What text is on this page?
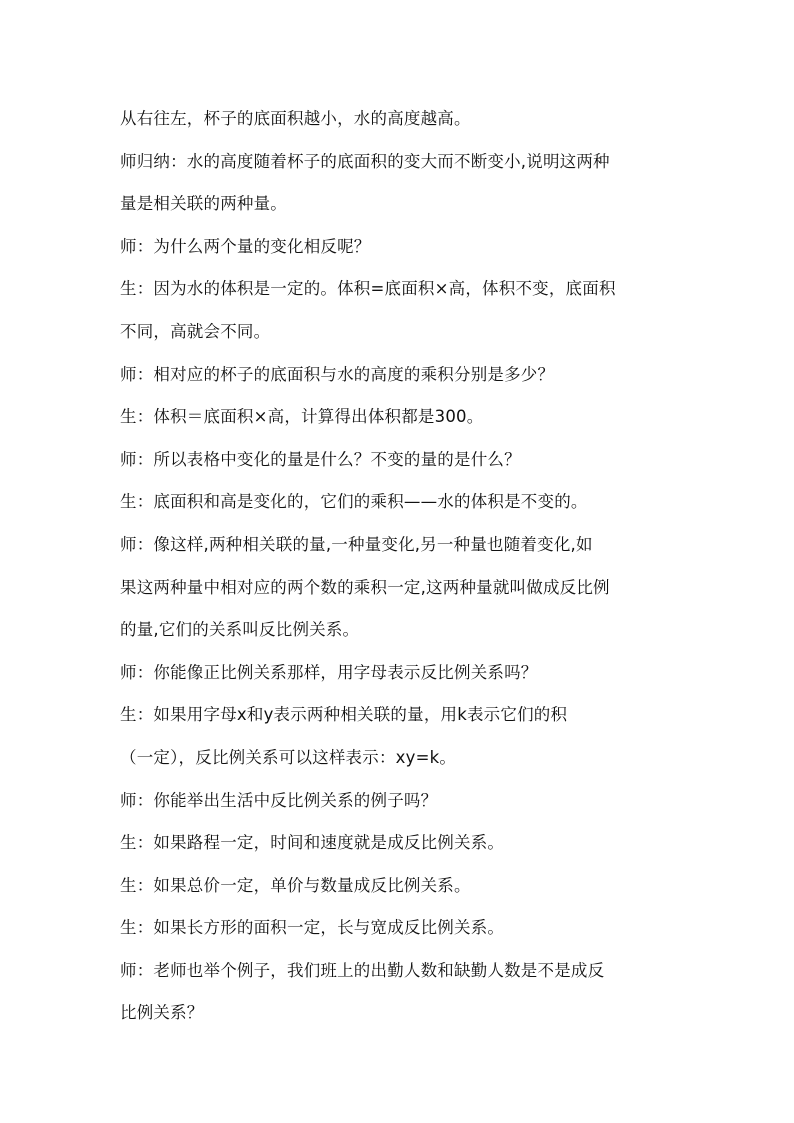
从右往左，杯子的底面积越小，水的高度越高。
师归纳：水的高度随着杯子的底面积的变大而不断变小,说明这两种
量是相关联的两种量。
师：为什么两个量的变化相反呢？
生：因为水的体积是一定的。体积=底面积×高，体积不变，底面积
不同，高就会不同。
师：相对应的杯子的底面积与水的高度的乘积分别是多少？
生：体积＝底面积×高，计算得出体积都是300。
师：所以表格中变化的量是什么？不变的量的是什么？
生：底面积和高是变化的，它们的乘积——水的体积是不变的。
师：像这样,两种相关联的量,一种量变化,另一种量也随着变化,如
果这两种量中相对应的两个数的乘积一定,这两种量就叫做成反比例
的量,它们的关系叫反比例关系。
师：你能像正比例关系那样，用字母表示反比例关系吗？
生：如果用字母x和y表示两种相关联的量，用k表示它们的积
（一定），反比例关系可以这样表示：xy=k。
师：你能举出生活中反比例关系的例子吗？
生：如果路程一定，时间和速度就是成反比例关系。
生：如果总价一定，单价与数量成反比例关系。
生：如果长方形的面积一定，长与宽成反比例关系。
师：老师也举个例子，我们班上的出勤人数和缺勤人数是不是成反
比例关系？
